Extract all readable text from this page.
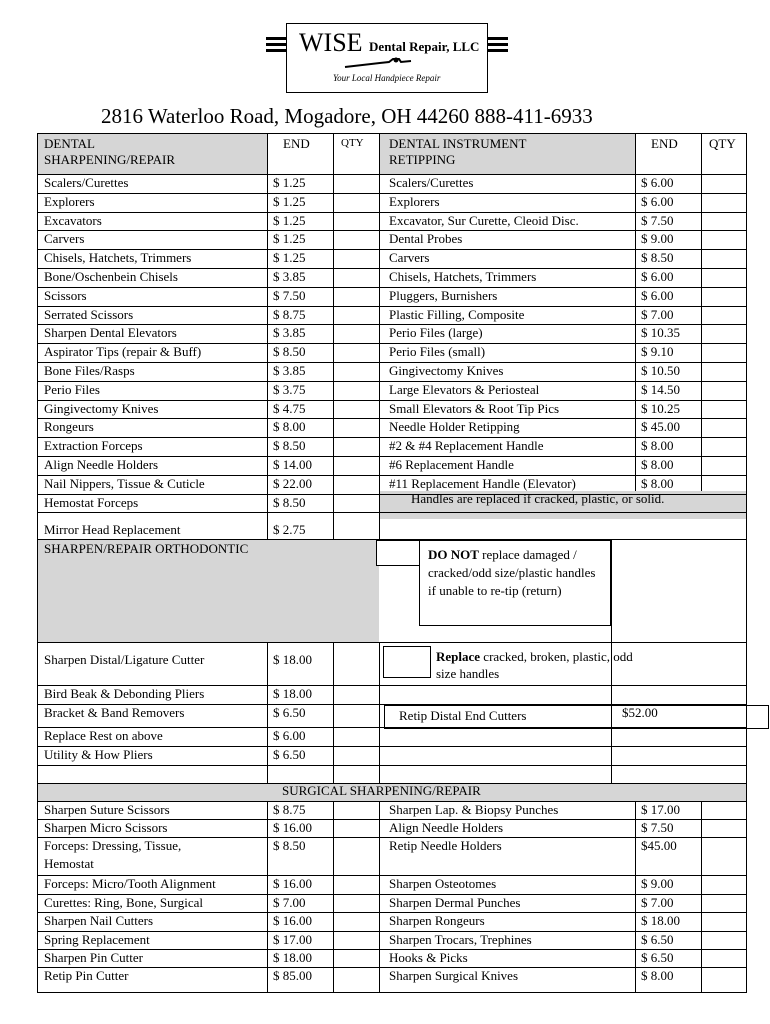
WISE Dental Repair, LLC
Your Local Handpiece Repair
2816 Waterloo Road, Mogadore, OH 44260 888-411-6933
DENTAL
SHARPENING/REPAIR
END	QTY	DENTAL INSTRUMENT
RETIPPING
END	QTY
Scalers/Curettes	$ 1.25	Scalers/Curettes	$ 6.00
Explorers	$ 1.25	Explorers	$ 6.00
Excavators	$ 1.25	Excavator, Sur Curette, Cleoid Disc.	$ 7.50
Carvers	$ 1.25	Dental Probes	$ 9.00
Chisels, Hatchets, Trimmers	$ 1.25	Carvers	$ 8.50
Bone/Oschenbein Chisels	$ 3.85	Chisels, Hatchets, Trimmers	$ 6.00
Scissors	$ 7.50	Pluggers, Burnishers	$ 6.00
Serrated Scissors	$ 8.75	Plastic Filling, Composite	$ 7.00
Sharpen Dental Elevators	$ 3.85	Perio Files (large)	$ 10.35
Aspirator Tips (repair & Buff)	$ 8.50	Perio Files (small)	$ 9.10
Bone Files/Rasps	$ 3.85	Gingivectomy Knives	$ 10.50
Perio Files	$ 3.75	Large Elevators & Periosteal	$ 14.50
Gingivectomy Knives	$ 4.75	Small Elevators & Root Tip Pics	$ 10.25
Rongeurs	$ 8.00	Needle Holder Retipping	$ 45.00
Extraction Forceps	$ 8.50	#2 & #4 Replacement Handle	$ 8.00
Align Needle Holders	$ 14.00	#6 Replacement Handle	$ 8.00
Nail Nippers, Tissue & Cuticle	$ 22.00	#11 Replacement Handle (Elevator)	$ 8.00
Hemostat Forceps	$ 8.50	Handles are replaced if cracked, plastic, or solid.
Mirror Head Replacement	$ 2.75
SHARPEN/REPAIR ORTHODONTIC	DO NOT replace damaged / cracked/odd size/plastic handles if unable to re-tip (return)
Sharpen Distal/Ligature Cutter	$ 18.00
Bird Beak & Debonding Pliers	$ 18.00
Bracket & Band Removers	$ 6.50
Replace Rest on above	$ 6.00
Utility & How Pliers	$ 6.50
Replace cracked, broken, plastic, odd size handles
Retip Distal End Cutters	$52.00
SURGICAL SHARPENING/REPAIR
Sharpen Suture Scissors	$ 8.75	Sharpen Lap. & Biopsy Punches	$ 17.00
Sharpen Micro Scissors	$ 16.00	Align Needle Holders	$ 7.50
Forceps: Dressing, Tissue,	$ 8.50	Retip Needle Holders	$45.00
Hemostat
Forceps: Micro/Tooth Alignment	$ 16.00	Sharpen Osteotomes	$ 9.00
Curettes: Ring, Bone, Surgical	$ 7.00	Sharpen Dermal Punches	$ 7.00
Sharpen Nail Cutters	$ 16.00	Sharpen Rongeurs	$ 18.00
Spring Replacement	$ 17.00	Sharpen Trocars, Trephines	$ 6.50
Sharpen Pin Cutter	$ 18.00	Hooks & Picks	$ 6.50
Retip Pin Cutter	$ 85.00	Sharpen Surgical Knives	$ 8.00
